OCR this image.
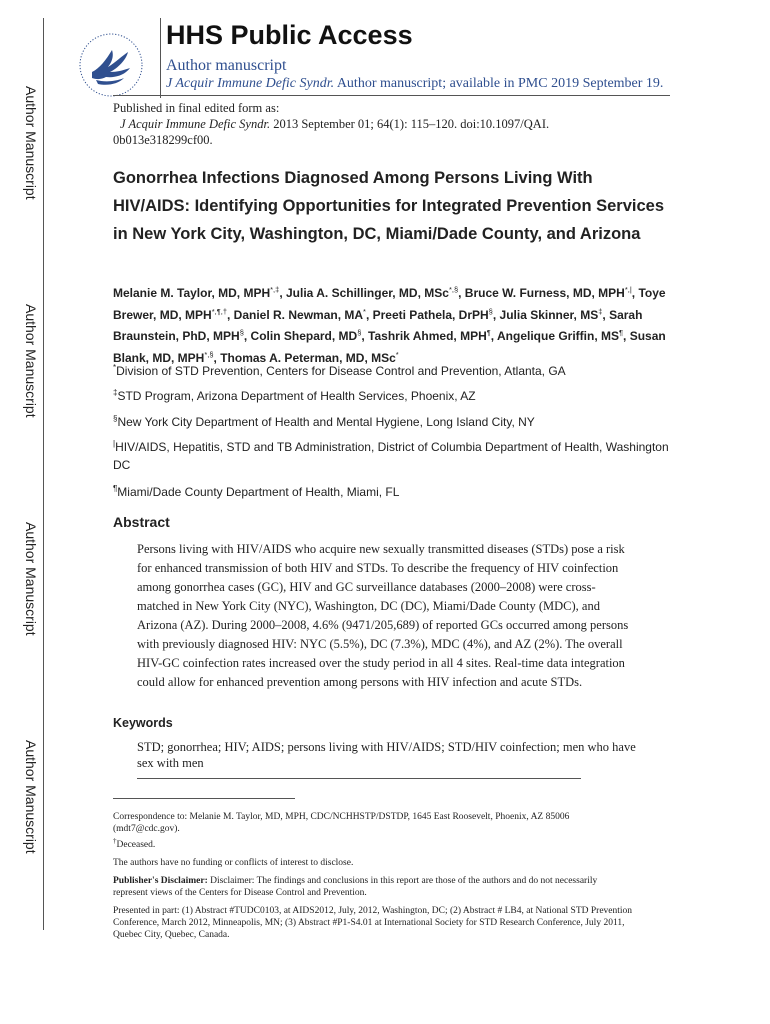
Author Manuscript
Author Manuscript
Author Manuscript
Author Manuscript
HHS Public Access
Author manuscript
J Acquir Immune Defic Syndr. Author manuscript; available in PMC 2019 September 19.
Published in final edited form as:
J Acquir Immune Defic Syndr. 2013 September 01; 64(1): 115–120. doi:10.1097/QAI.
0b013e318299cf00.
Gonorrhea Infections Diagnosed Among Persons Living With HIV/AIDS: Identifying Opportunities for Integrated Prevention Services in New York City, Washington, DC, Miami/Dade County, and Arizona
Melanie M. Taylor, MD, MPH*,‡, Julia A. Schillinger, MD, MSc*,§, Bruce W. Furness, MD, MPH*,|, Toye Brewer, MD, MPH*,¶,†, Daniel R. Newman, MA*, Preeti Pathela, DrPH§, Julia Skinner, MS‡, Sarah Braunstein, PhD, MPH§, Colin Shepard, MD§, Tashrik Ahmed, MPH¶, Angelique Griffin, MS¶, Susan Blank, MD, MPH*,§, Thomas A. Peterman, MD, MSc*
*Division of STD Prevention, Centers for Disease Control and Prevention, Atlanta, GA
‡STD Program, Arizona Department of Health Services, Phoenix, AZ
§New York City Department of Health and Mental Hygiene, Long Island City, NY
|HIV/AIDS, Hepatitis, STD and TB Administration, District of Columbia Department of Health, Washington DC
¶Miami/Dade County Department of Health, Miami, FL
Abstract
Persons living with HIV/AIDS who acquire new sexually transmitted diseases (STDs) pose a risk for enhanced transmission of both HIV and STDs. To describe the frequency of HIV coinfection among gonorrhea cases (GC), HIV and GC surveillance databases (2000–2008) were cross-matched in New York City (NYC), Washington, DC (DC), Miami/Dade County (MDC), and Arizona (AZ). During 2000–2008, 4.6% (9471/205,689) of reported GCs occurred among persons with previously diagnosed HIV: NYC (5.5%), DC (7.3%), MDC (4%), and AZ (2%). The overall HIV-GC coinfection rates increased over the study period in all 4 sites. Real-time data integration could allow for enhanced prevention among persons with HIV infection and acute STDs.
Keywords
STD; gonorrhea; HIV; AIDS; persons living with HIV/AIDS; STD/HIV coinfection; men who have sex with men

Correspondence to: Melanie M. Taylor, MD, MPH, CDC/NCHHSTP/DSTDP, 1645 East Roosevelt, Phoenix, AZ 85006 (mdt7@cdc.gov).

†Deceased.

The authors have no funding or conflicts of interest to disclose.

Publisher's Disclaimer: Disclaimer: The findings and conclusions in this report are those of the authors and do not necessarily represent views of the Centers for Disease Control and Prevention.

Presented in part: (1) Abstract #TUDC0103, at AIDS2012, July, 2012, Washington, DC; (2) Abstract # LB4, at National STD Prevention Conference, March 2012, Minneapolis, MN; (3) Abstract #P1-S4.01 at International Society for STD Research Conference, July 2011, Quebec City, Quebec, Canada.
